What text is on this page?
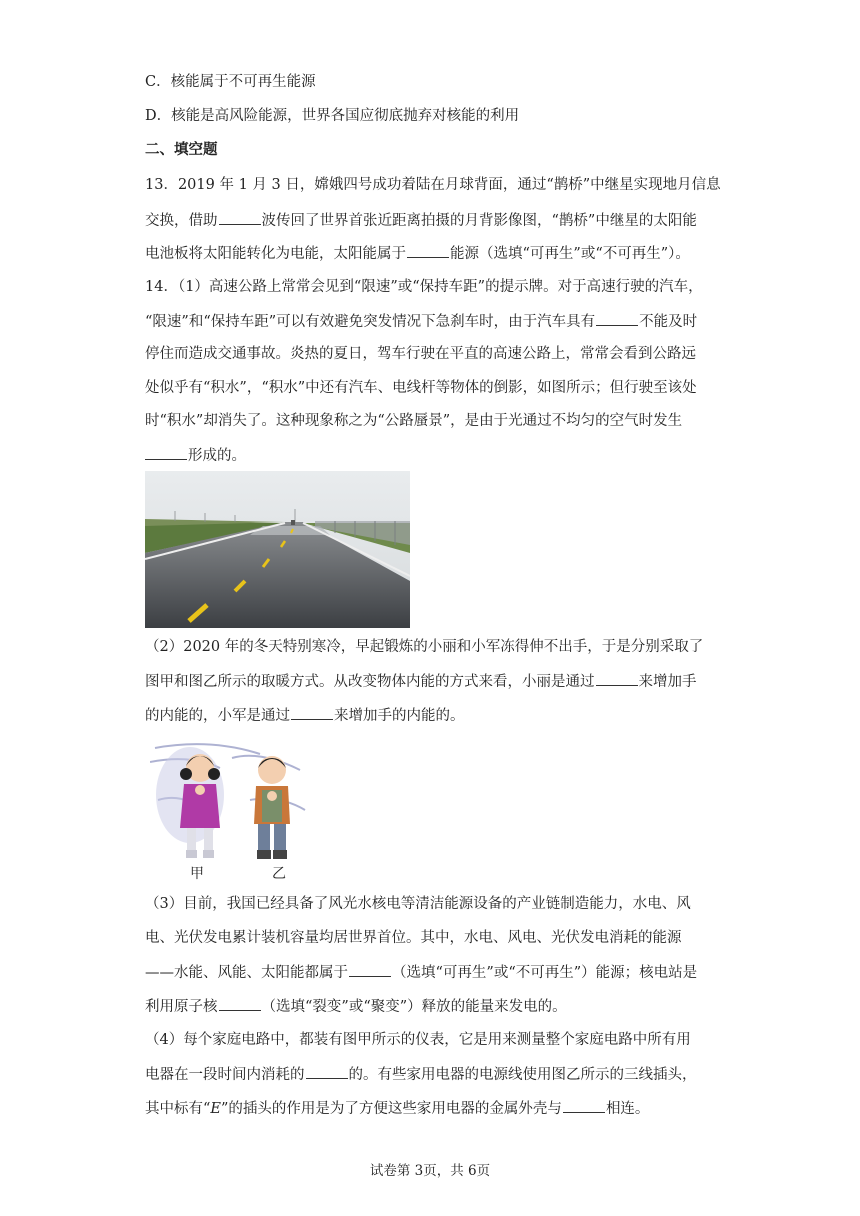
C．核能属于不可再生能源
D．核能是高风险能源，世界各国应彻底抛弃对核能的利用
二、填空题
13．2019 年 1 月 3 日，嫦娥四号成功着陆在月球背面，通过“鹊桥”中继星实现地月信息
交换，借助	波传回了世界首张近距离拍摄的月背影像图，“鹊桥”中继星的太阳能
电池板将太阳能转化为电能，太阳能属于	能源（选填“可再生”或“不可再生”）。
14．（1）高速公路上常常会见到“限速”或“保持车距”的提示牌。对于高速行驶的汽车，
“限速”和“保持车距”可以有效避免突发情况下急刹车时，由于汽车具有	不能及时
停住而造成交通事故。炎热的夏日，驾车行驶在平直的高速公路上，常常会看到公路远
处似乎有“积水”，“积水”中还有汽车、电线杆等物体的倒影，如图所示；但行驶至该处
时“积水”却消失了。这种现象称之为“公路蜃景”，是由于光通过不均匀的空气时发生
形成的。
（2）2020 年的冬天特别寒冷，早起锻炼的小丽和小军冻得伸不出手，于是分别采取了
图甲和图乙所示的取暖方式。从改变物体内能的方式来看，小丽是通过	来增加手
的内能的，小军是通过	来增加手的内能的。
甲	乙
（3）目前，我国已经具备了风光水核电等清洁能源设备的产业链制造能力，水电、风
电、光伏发电累计装机容量均居世界首位。其中，水电、风电、光伏发电消耗的能源
——水能、风能、太阳能都属于	（选填“可再生”或“不可再生”）能源；核电站是
利用原子核	（选填“裂变”或“聚变”）释放的能量来发电的。
（4）每个家庭电路中，都装有图甲所示的仪表，它是用来测量整个家庭电路中所有用
电器在一段时间内消耗的	的。有些家用电器的电源线使用图乙所示的三线插头，
其中标有“E”的插头的作用是为了方便这些家用电器的金属外壳与	相连。
试卷第 3页，共 6页
